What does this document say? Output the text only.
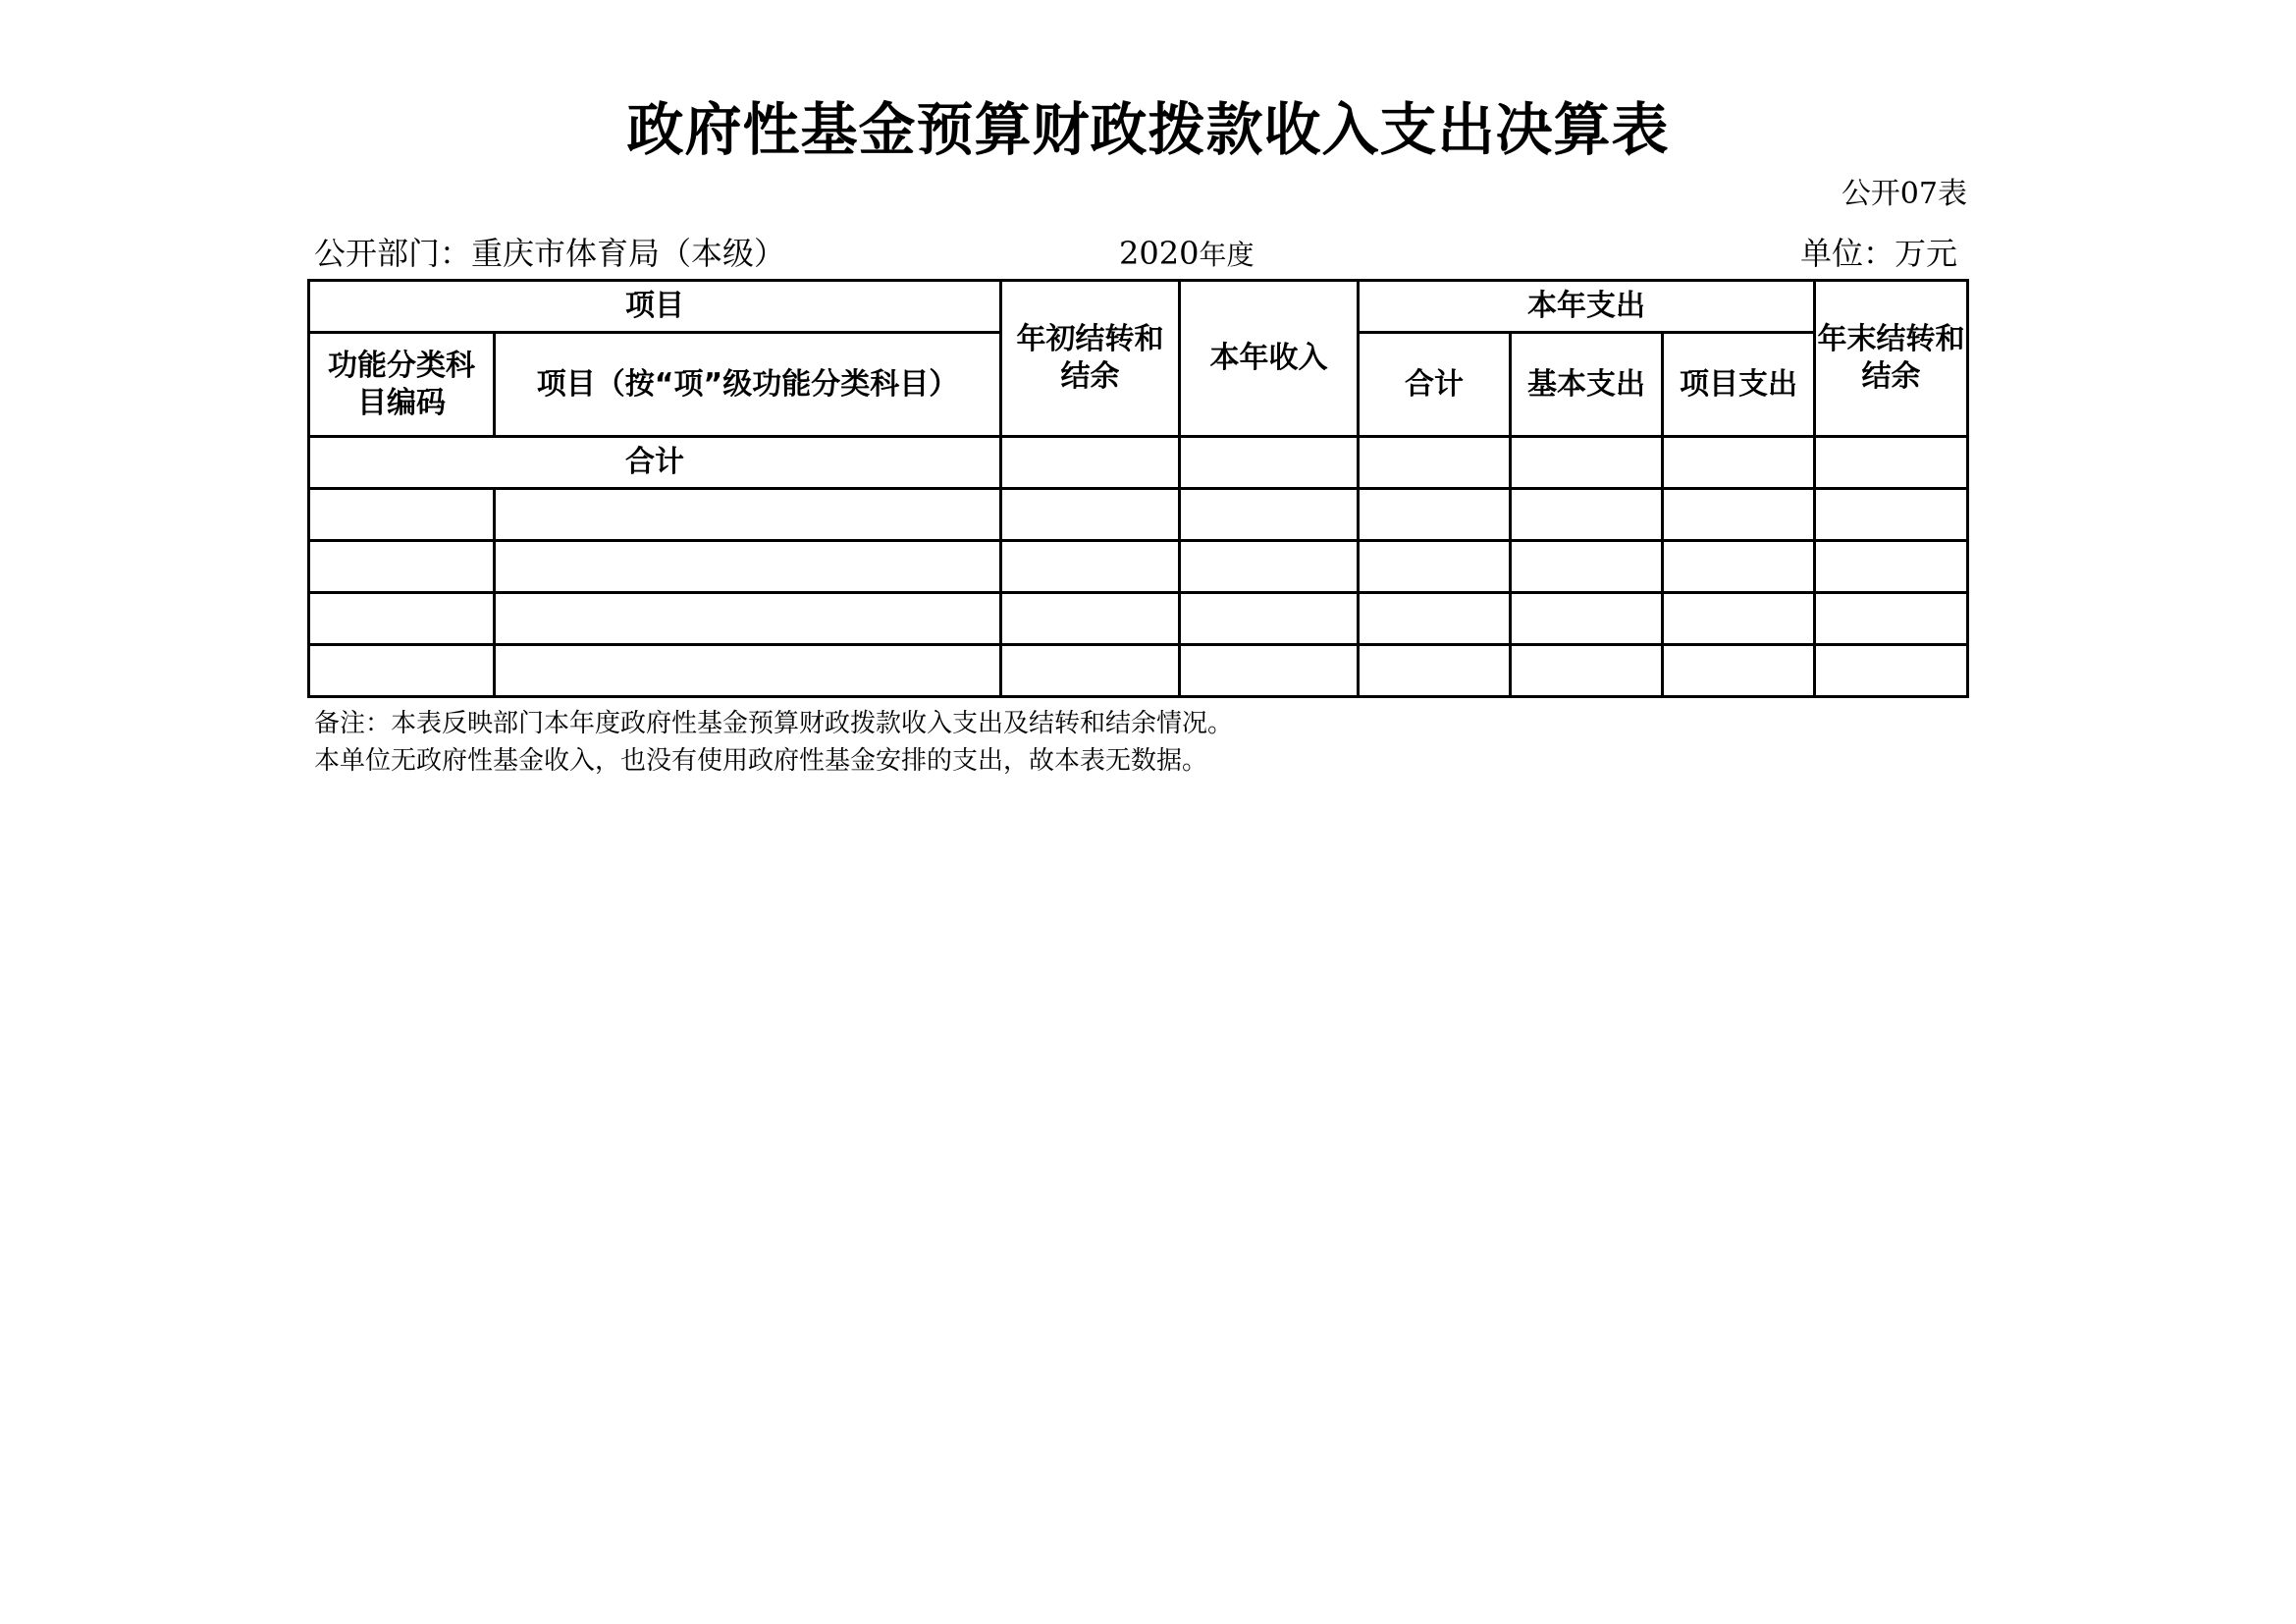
政府性基金预算财政拨款收入支出决算表
公开07表
公开部门：重庆市体育局（本级）	2020年度	单位：万元
项目		年初结转和结余	本年收入	本年支出			年末结转和结余
功能分类科目编码	项目（按“项”级功能分类科目）			合计	基本支出	项目支出	
合计							

备注：本表反映部门本年度政府性基金预算财政拨款收入支出及结转和结余情况。
本单位无政府性基金收入，也没有使用政府性基金安排的支出，故本表无数据。
